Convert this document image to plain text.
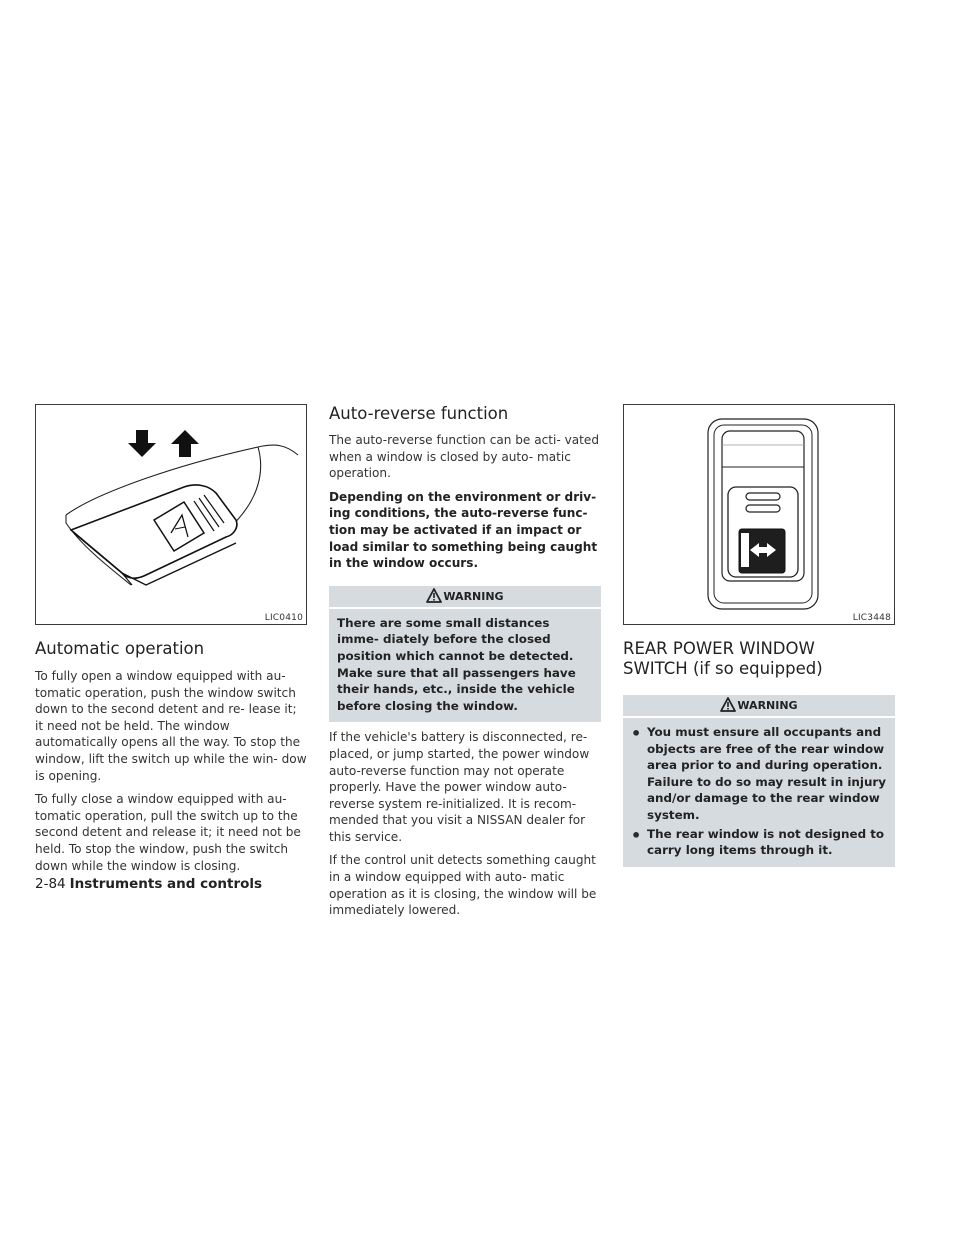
LIC0410
Automatic operation

To fully open a window equipped with au- tomatic operation, push the window switch down to the second detent and re- lease it; it need not be held. The window automatically opens all the way. To stop the window, lift the switch up while the win- dow is opening.

To fully close a window equipped with au- tomatic operation, pull the switch up to the second detent and release it; it need not be held. To stop the window, push the switch down while the window is closing.

Auto-reverse function

The auto-reverse function can be acti- vated when a window is closed by auto- matic operation.

Depending on the environment or driv- ing conditions, the auto-reverse func- tion may be activated if an impact or load similar to something being caught in the window occurs.

WARNING

There are some small distances imme- diately before the closed position which cannot be detected. Make sure that all passengers have their hands, etc., inside the vehicle before closing the window.

If the vehicle's battery is disconnected, re- placed, or jump started, the power window auto-reverse function may not operate properly. Have the power window auto- reverse system re-initialized. It is recom- mended that you visit a NISSAN dealer for this service.

If the control unit detects something caught in a window equipped with auto- matic operation as it is closing, the window will be immediately lowered.

LIC3448
REAR POWER WINDOW SWITCH (if so equipped)
WARNING
• You must ensure all occupants and objects are free of the rear window area prior to and during operation. Failure to do so may result in injury and/or damage to the rear window system.

• The rear window is not designed to carry long items through it.

2-84 Instruments and controls
